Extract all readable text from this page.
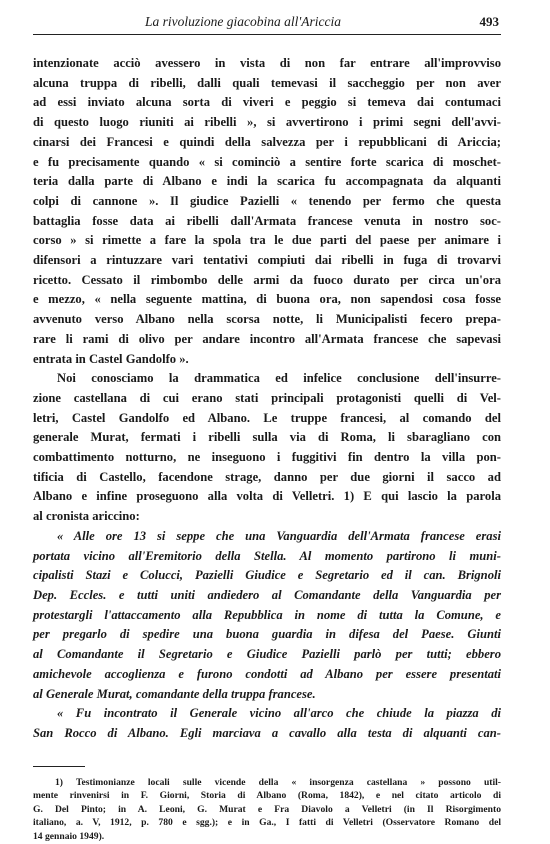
La rivoluzione giacobina all'Ariccia	493
intenzionate acciò avessero in vista di non far entrare all'improvviso
alcuna truppa di ribelli, dalli quali temevasi il saccheggio per non aver
ad essi inviato alcuna sorta di viveri e peggio si temeva dai contumaci
di questo luogo riuniti ai ribelli », si avvertirono i primi segni dell'avvi-
cinarsi dei Francesi e quindi della salvezza per i repubblicani di Ariccia;
e fu precisamente quando « si cominciò a sentire forte scarica di moschet-
teria dalla parte di Albano e indi la scarica fu accompagnata da alquanti
colpi di cannone ». Il giudice Pazielli « tenendo per fermo che questa
battaglia fosse data ai ribelli dall'Armata francese venuta in nostro soc-
corso » si rimette a fare la spola tra le due parti del paese per animare i
difensori a rintuzzare vari tentativi compiuti dai ribelli in fuga di trovarvi
ricetto. Cessato il rimbombo delle armi da fuoco durato per circa un'ora
e mezzo, « nella seguente mattina, di buona ora, non sapendosi cosa fosse
avvenuto verso Albano nella scorsa notte, li Municipalisti fecero prepa-
rare li rami di olivo per andare incontro all'Armata francese che sapevasi
entrata in Castel Gandolfo ».
Noi conosciamo la drammatica ed infelice conclusione dell'insurre-
zione castellana di cui erano stati principali protagonisti quelli di Vel-
letri, Castel Gandolfo ed Albano. Le truppe francesi, al comando del
generale Murat, fermati i ribelli sulla via di Roma, li sbaragliano con
combattimento notturno, ne inseguono i fuggitivi fin dentro la villa pon-
tificia di Castello, facendone strage, danno per due giorni il sacco ad
Albano e infine proseguono alla volta di Velletri. 1) E qui lascio la parola
al cronista ariccino:
« Alle ore 13 si seppe che una Vanguardia dell'Armata francese erasi
portata vicino all'Eremitorio della Stella. Al momento partirono li muni-
cipalisti Stazi e Colucci, Pazielli Giudice e Segretario ed il can. Brignoli
Dep. Eccles. e tutti uniti andiedero al Comandante della Vanguardia per
protestargli l'attaccamento alla Repubblica in nome di tutta la Comune, e
per pregarlo di spedire una buona guardia in difesa del Paese. Giunti
al Comandante il Segretario e Giudice Pazielli parlò per tutti; ebbero
amichevole accoglienza e furono condotti ad Albano per essere presentati
al Generale Murat, comandante della truppa francese.
« Fu incontrato il Generale vicino all'arco che chiude la piazza di
San Rocco di Albano. Egli marciava a cavallo alla testa di alquanti can-
1) Testimonianze locali sulle vicende della « insorgenza castellana » possono util-
mente rinvenirsi in F. Giorni, Storia di Albano (Roma, 1842), e nel citato articolo di
G. Del Pinto; in A. Leoni, G. Murat e Fra Diavolo a Velletri (in Il Risorgimento
italiano, a. V, 1912, p. 780 e sgg.); e in Ga., I fatti di Velletri (Osservatore Romano del
14 gennaio 1949).
